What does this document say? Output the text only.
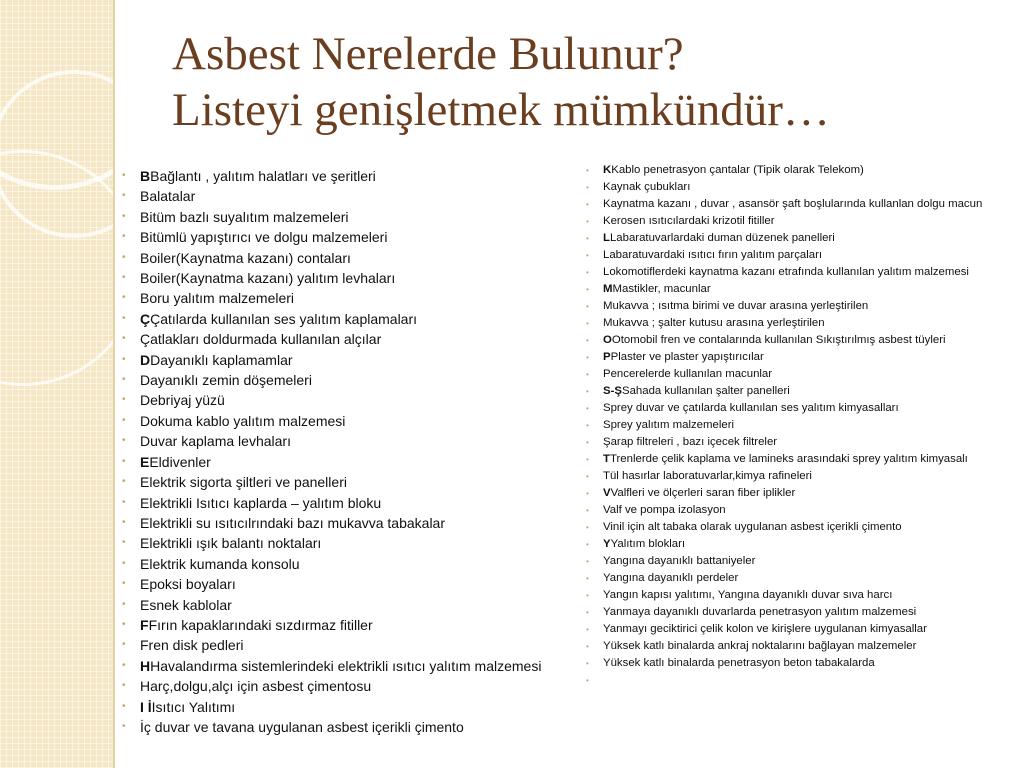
Asbest Nerelerde Bulunur?
Listeyi genişletmek mümkündür…
• BBağlantı , yalıtım halatları ve şeritleri
• Balatalar
• Bitüm bazlı suyalıtım malzemeleri
• Bitümlü yapıştırıcı ve dolgu malzemeleri
• Boiler(Kaynatma kazanı) contaları
• Boiler(Kaynatma kazanı) yalıtım levhaları
• Boru yalıtım malzemeleri
• ÇÇatılarda kullanılan ses yalıtım kaplamaları
• Çatlakları doldurmada kullanılan alçılar
• DDayanıklı kaplamamlar
• Dayanıklı zemin döşemeleri
• Debriyaj yüzü
• Dokuma kablo yalıtım malzemesi
• Duvar kaplama levhaları
• EEldivenler
• Elektrik sigorta şiltleri ve panelleri
• Elektrikli Isıtıcı kaplarda – yalıtım bloku
• Elektrikli su ısıtıcılrındaki bazı mukavva tabakalar
• Elektrikli ışık balantı noktaları
• Elektrik kumanda konsolu
• Epoksi boyaları
• Esnek kablolar
• FFırın kapaklarındaki sızdırmaz fitiller
• Fren disk pedleri
• HHavalandırma sistemlerindeki elektrikli ısıtıcı yalıtım malzemesi
• Harç,dolgu,alçı için asbest çimentosu
• I İIsıtıcı Yalıtımı
• İç duvar ve tavana uygulanan asbest içerikli çimento
• KKablo penetrasyon çantalar (Tipik olarak Telekom)
• Kaynak çubukları
• Kaynatma kazanı , duvar , asansör şaft boşlularında kullanlan dolgu macun
• Kerosen ısıtıcılardaki krizotil fitiller
• LLabaratuvarlardaki duman düzenek panelleri
• Labaratuvardaki ısıtıcı fırın yalıtım parçaları
• Lokomotiflerdeki kaynatma kazanı etrafında kullanılan yalıtım malzemesi
• MMastikler, macunlar
• Mukavva ; ısıtma birimi ve duvar arasına yerleştirilen
• Mukavva ; şalter kutusu arasına yerleştirilen
• OOtomobil fren ve contalarında kullanılan Sıkıştırılmış asbest tüyleri
• PPlaster ve plaster yapıştırıcılar
• Pencerelerde kullanılan macunlar
• S-ŞSahada kullanılan şalter panelleri
• Sprey duvar ve çatılarda kullanılan ses yalıtım kimyasalları
• Sprey yalıtım malzemeleri
• Şarap filtreleri , bazı içecek filtreler
• TTrenlerde çelik kaplama ve lamineks arasındaki sprey yalıtım kimyasalı
• Tül hasırlar laboratuvarlar,kimya rafineleri
• VValfleri ve ölçerleri saran fiber iplikler
• Valf ve pompa izolasyon
• Vinil için alt tabaka olarak uygulanan asbest içerikli çimento
• YYalıtım blokları
• Yangına dayanıklı battaniyeler
• Yangına dayanıklı perdeler
• Yangın kapısı yalıtımı, Yangına dayanıklı duvar sıva harcı
• Yanmaya dayanıklı duvarlarda penetrasyon yalıtım malzemesi
• Yanmayı geciktirici çelik kolon ve kirişlere uygulanan kimyasallar
• Yüksek katlı binalarda ankraj noktalarını bağlayan malzemeler
• Yüksek katlı binalarda penetrasyon beton tabakalarda
•
